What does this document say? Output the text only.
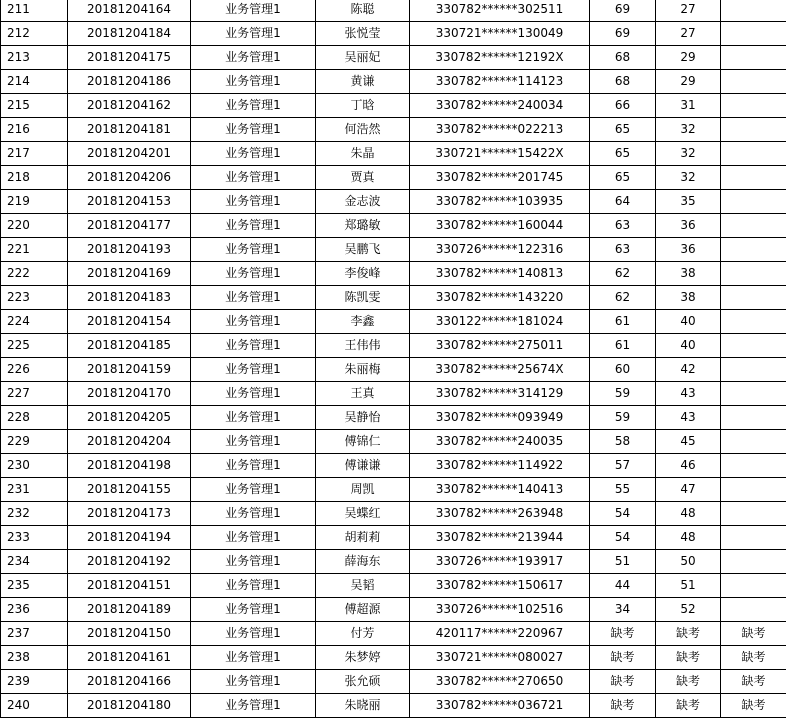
211	20181204164	业务管理1	陈聪	330782******302511	69	27	
212	20181204184	业务管理1	张悦莹	330721******130049	69	27	
213	20181204175	业务管理1	吴丽妃	330782******12192X	68	29	
214	20181204186	业务管理1	黄谦	330782******114123	68	29	
215	20181204162	业务管理1	丁晗	330782******240034	66	31	
216	20181204181	业务管理1	何浩然	330782******022213	65	32	
217	20181204201	业务管理1	朱晶	330721******15422X	65	32	
218	20181204206	业务管理1	贾真	330782******201745	65	32	
219	20181204153	业务管理1	金志波	330782******103935	64	35	
220	20181204177	业务管理1	郑璐敏	330782******160044	63	36	
221	20181204193	业务管理1	吴鹏飞	330726******122316	63	36	
222	20181204169	业务管理1	李俊峰	330782******140813	62	38	
223	20181204183	业务管理1	陈凯雯	330782******143220	62	38	
224	20181204154	业务管理1	李鑫	330122******181024	61	40	
225	20181204185	业务管理1	王伟伟	330782******275011	61	40	
226	20181204159	业务管理1	朱丽梅	330782******25674X	60	42	
227	20181204170	业务管理1	王真	330782******314129	59	43	
228	20181204205	业务管理1	吴静怡	330782******093949	59	43	
229	20181204204	业务管理1	傅锦仁	330782******240035	58	45	
230	20181204198	业务管理1	傅谦谦	330782******114922	57	46	
231	20181204155	业务管理1	周凯	330782******140413	55	47	
232	20181204173	业务管理1	吴蝶红	330782******263948	54	48	
233	20181204194	业务管理1	胡莉莉	330782******213944	54	48	
234	20181204192	业务管理1	薛海东	330726******193917	51	50	
235	20181204151	业务管理1	吴韬	330782******150617	44	51	
236	20181204189	业务管理1	傅超源	330726******102516	34	52	
237	20181204150	业务管理1	付芳	420117******220967	缺考	缺考	缺考
238	20181204161	业务管理1	朱梦婷	330721******080027	缺考	缺考	缺考
239	20181204166	业务管理1	张允硕	330782******270650	缺考	缺考	缺考
240	20181204180	业务管理1	朱晓丽	330782******036721	缺考	缺考	缺考
